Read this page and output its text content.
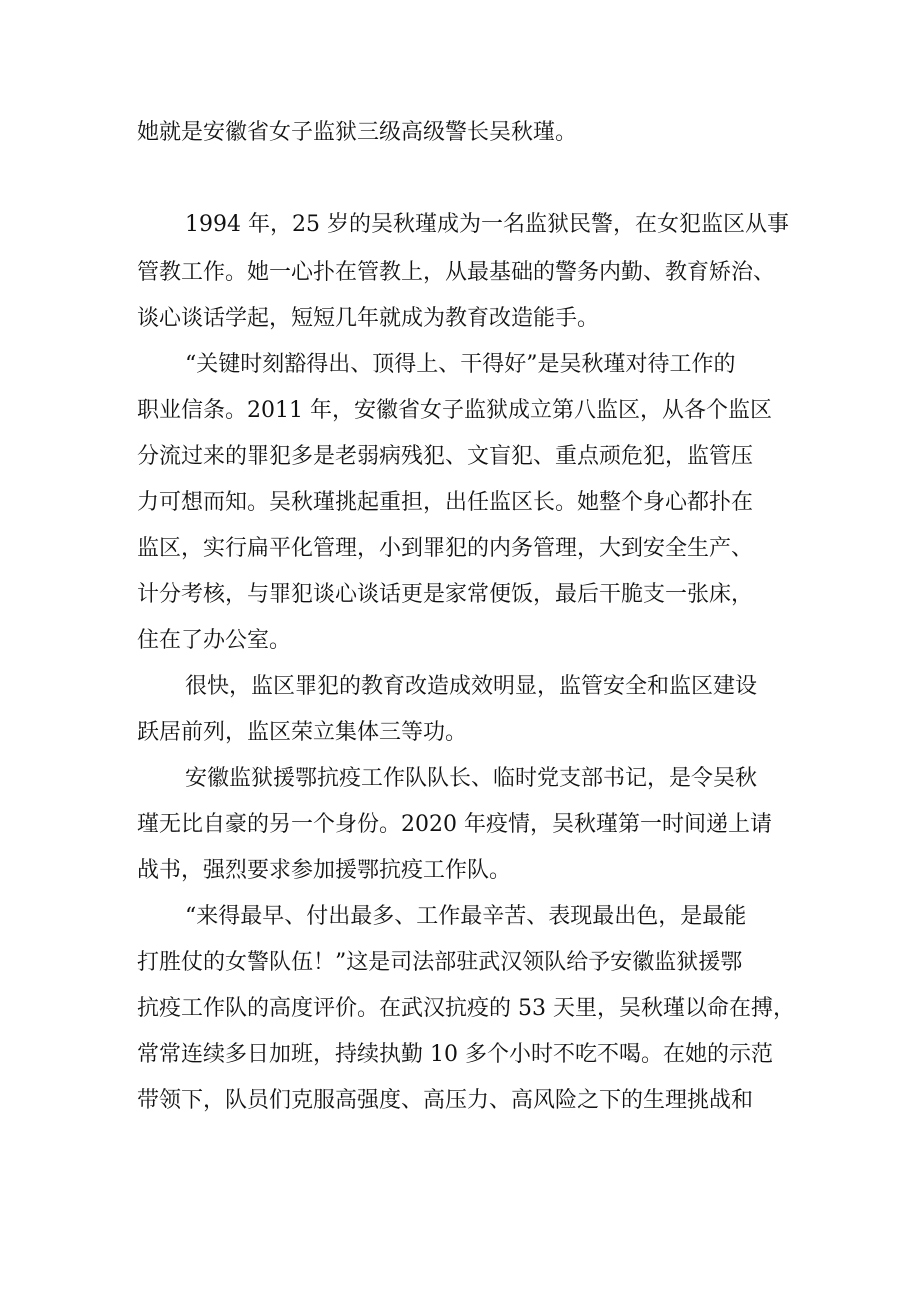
她就是安徽省女子监狱三级高级警长吴秋瑾。
1994 年，25 岁的吴秋瑾成为一名监狱民警，在女犯监区从事
管教工作。她一心扑在管教上，从最基础的警务内勤、教育矫治、
谈心谈话学起，短短几年就成为教育改造能手。
“关键时刻豁得出、顶得上、干得好”是吴秋瑾对待工作的
职业信条。2011 年，安徽省女子监狱成立第八监区，从各个监区
分流过来的罪犯多是老弱病残犯、文盲犯、重点顽危犯，监管压
力可想而知。吴秋瑾挑起重担，出任监区长。她整个身心都扑在
监区，实行扁平化管理，小到罪犯的内务管理，大到安全生产、
计分考核，与罪犯谈心谈话更是家常便饭，最后干脆支一张床，
住在了办公室。
很快，监区罪犯的教育改造成效明显，监管安全和监区建设
跃居前列，监区荣立集体三等功。
安徽监狱援鄂抗疫工作队队长、临时党支部书记，是令吴秋
瑾无比自豪的另一个身份。2020 年疫情，吴秋瑾第一时间递上请
战书，强烈要求参加援鄂抗疫工作队。
“来得最早、付出最多、工作最辛苦、表现最出色，是最能
打胜仗的女警队伍！”这是司法部驻武汉领队给予安徽监狱援鄂
抗疫工作队的高度评价。在武汉抗疫的 53 天里，吴秋瑾以命在搏，
常常连续多日加班，持续执勤 10 多个小时不吃不喝。在她的示范
带领下，队员们克服高强度、高压力、高风险之下的生理挑战和
